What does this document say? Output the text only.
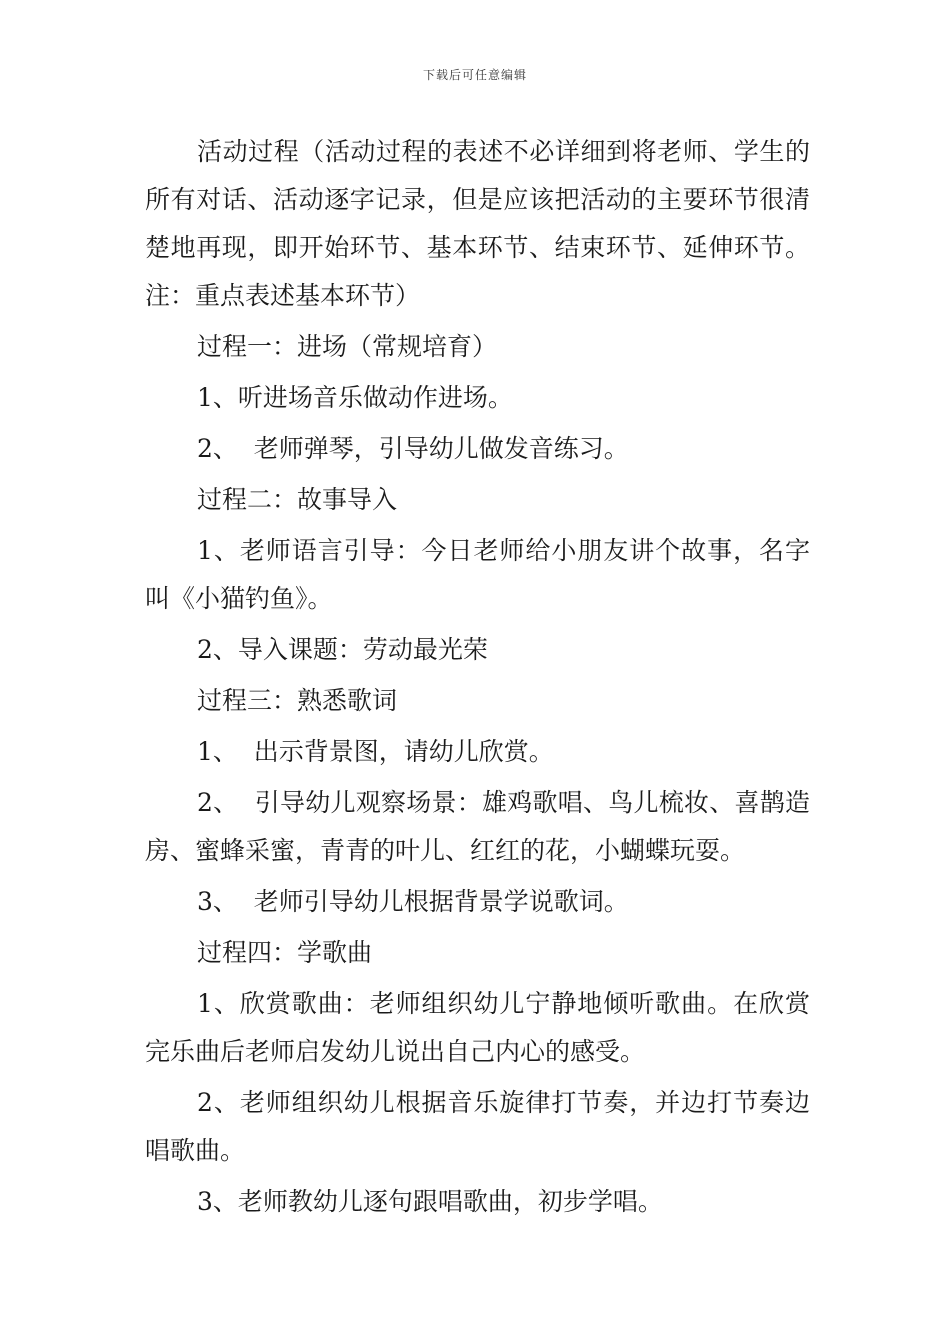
下载后可任意编辑

活动过程（活动过程的表述不必详细到将老师、学生的所有对话、活动逐字记录，但是应该把活动的主要环节很清楚地再现，即开始环节、基本环节、结束环节、延伸环节。注：重点表述基本环节）

过程一：进场（常规培育）

1、听进场音乐做动作进场。

2、  老师弹琴，引导幼儿做发音练习。

过程二：故事导入

1、老师语言引导：今日老师给小朋友讲个故事，名字叫《小猫钓鱼》。

2、导入课题：劳动最光荣

过程三：熟悉歌词

1、  出示背景图，请幼儿欣赏。

2、  引导幼儿观察场景：雄鸡歌唱、鸟儿梳妆、喜鹊造房、蜜蜂采蜜，青青的叶儿、红红的花，小蝴蝶玩耍。

3、  老师引导幼儿根据背景学说歌词。

过程四：学歌曲

1、欣赏歌曲：老师组织幼儿宁静地倾听歌曲。在欣赏完乐曲后老师启发幼儿说出自己内心的感受。

2、老师组织幼儿根据音乐旋律打节奏，并边打节奏边唱歌曲。

3、老师教幼儿逐句跟唱歌曲，初步学唱。
